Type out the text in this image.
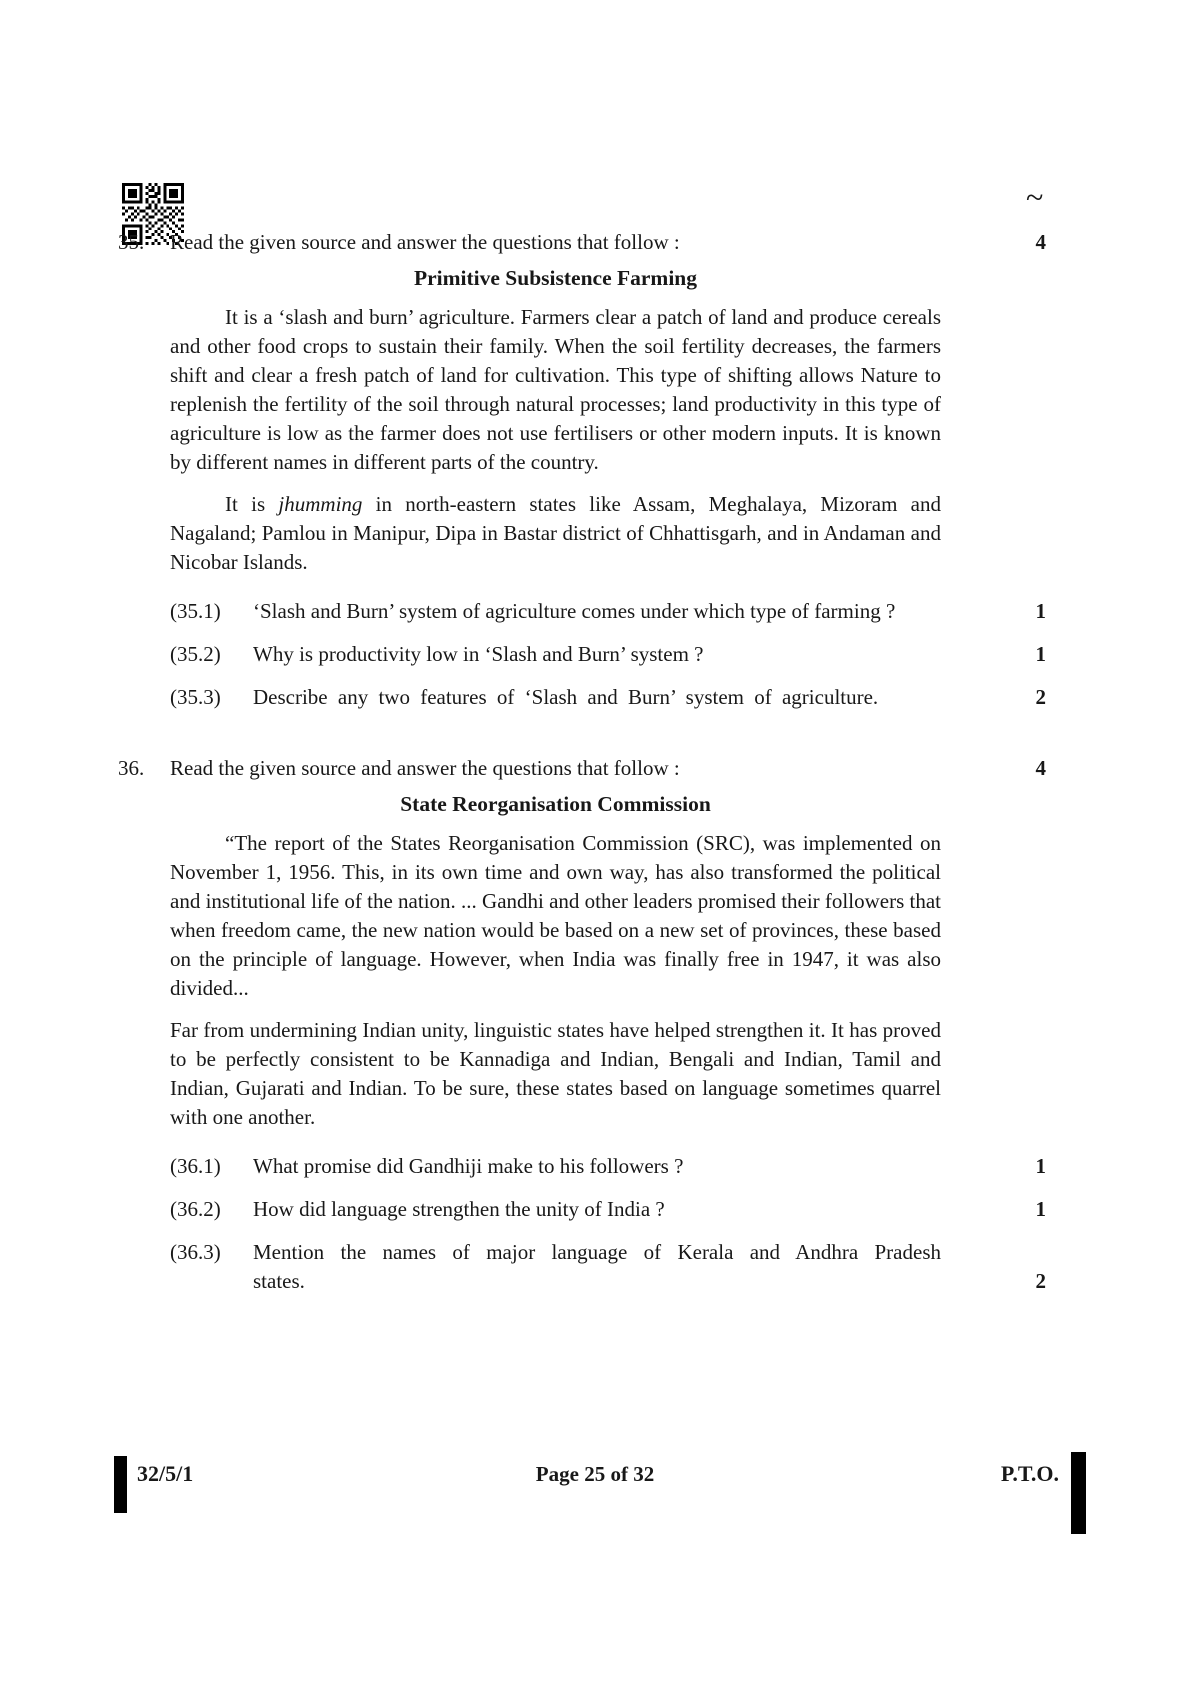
~
35.	Read the given source and answer the questions that follow :	4
Primitive Subsistence Farming

It is a ‘slash and burn’ agriculture. Farmers clear a patch of land and produce cereals and other food crops to sustain their family. When the soil fertility decreases, the farmers shift and clear a fresh patch of land for cultivation. This type of shifting allows Nature to replenish the fertility of the soil through natural processes; land productivity in this type of agriculture is low as the farmer does not use fertilisers or other modern inputs. It is known by different names in different parts of the country.

It is jhumming in north-eastern states like Assam, Meghalaya, Mizoram and Nagaland; Pamlou in Manipur, Dipa in Bastar district of Chhattisgarh, and in Andaman and Nicobar Islands.

(35.1)	‘Slash and Burn’ system of agriculture comes under which type of farming ?	1
(35.2)	Why is productivity low in ‘Slash and Burn’ system ?	1
(35.3)	Describe any two features of ‘Slash and Burn’ system of agriculture.	2
36.	Read the given source and answer the questions that follow :	4
State Reorganisation Commission

“The report of the States Reorganisation Commission (SRC), was implemented on November 1, 1956. This, in its own time and own way, has also transformed the political and institutional life of the nation. ... Gandhi and other leaders promised their followers that when freedom came, the new nation would be based on a new set of provinces, these based on the principle of language. However, when India was finally free in 1947, it was also divided...

Far from undermining Indian unity, linguistic states have helped strengthen it. It has proved to be perfectly consistent to be Kannadiga and Indian, Bengali and Indian, Tamil and Indian, Gujarati and Indian. To be sure, these states based on language sometimes quarrel with one another.

(36.1)	What promise did Gandhiji make to his followers ?	1
(36.2)	How did language strengthen the unity of India ?	1
(36.3)	Mention the names of major language of Kerala and Andhra Pradesh states.	2
32/5/1	Page 25 of 32	P.T.O.
